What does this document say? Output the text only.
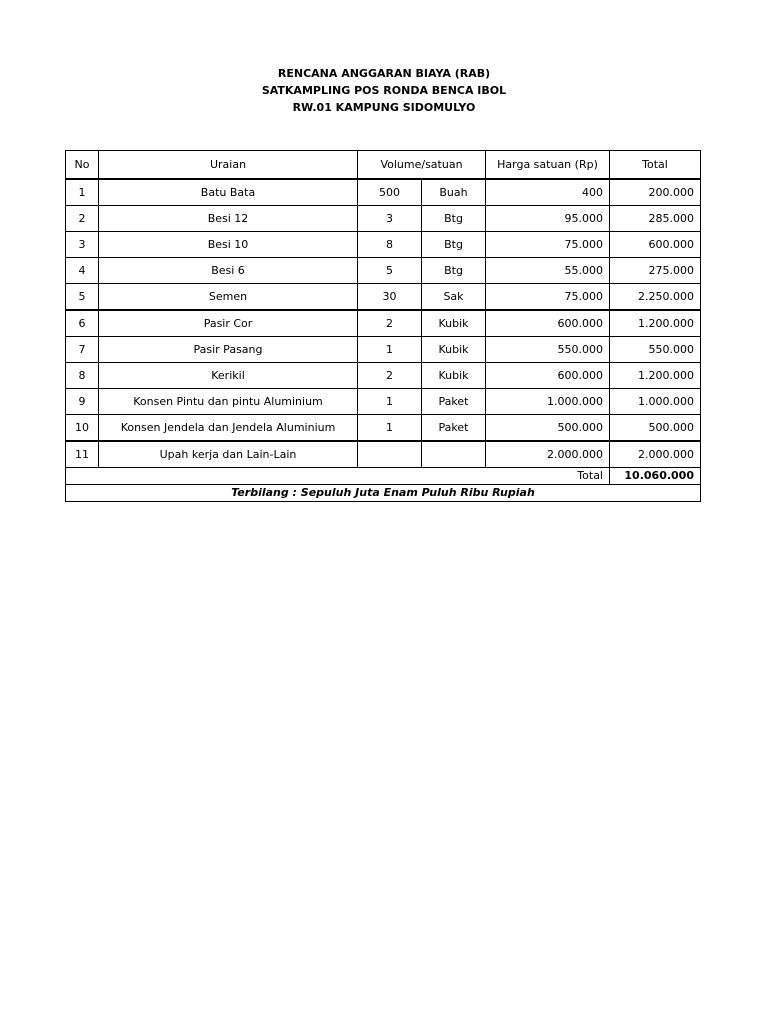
RENCANA ANGGARAN BIAYA (RAB)
SATKAMPLING POS RONDA BENCA IBOL
RW.01 KAMPUNG SIDOMULYO
No	Uraian	Volume/satuan		Harga satuan (Rp)	Total
1	Batu Bata	500	Buah	400	200.000
2	Besi 12	3	Btg	95.000	285.000
3	Besi 10	8	Btg	75.000	600.000
4	Besi 6	5	Btg	55.000	275.000
5	Semen	30	Sak	75.000	2.250.000
6	Pasir Cor	2	Kubik	600.000	1.200.000
7	Pasir Pasang	1	Kubik	550.000	550.000
8	Kerikil	2	Kubik	600.000	1.200.000
9	Konsen Pintu dan pintu Aluminium	1	Paket	1.000.000	1.000.000
10	Konsen Jendela dan Jendela Aluminium	1	Paket	500.000	500.000
11	Upah kerja dan Lain-Lain			2.000.000	2.000.000
				Total	10.060.000
Terbilang : Sepuluh Juta Enam Puluh Ribu Rupiah					
